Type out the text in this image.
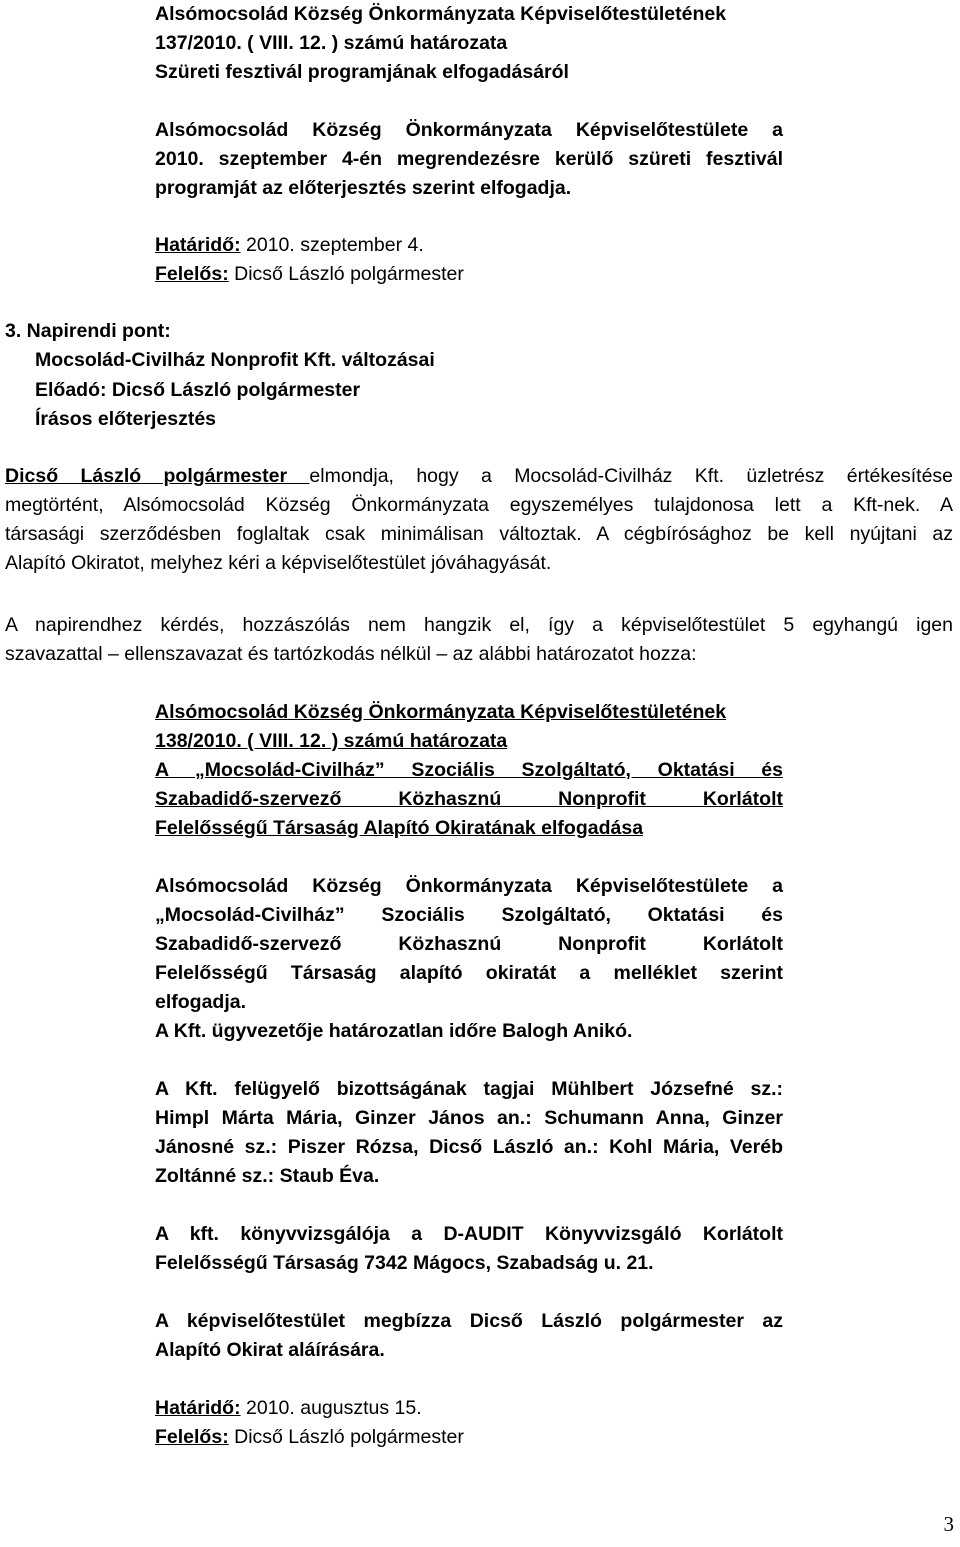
Alsómocsolád Község Önkormányzata Képviselőtestületének
137/2010. ( VIII. 12. ) számú határozata
Szüreti fesztivál programjának elfogadásáról
Alsómocsolád Község Önkormányzata Képviselőtestülete a
2010. szeptember 4-én megrendezésre kerülő szüreti fesztivál
programját az előterjesztés szerint elfogadja.
Határidő: 2010. szeptember 4.
Felelős: Dicső László polgármester
3. Napirendi pont:
Mocsolád-Civilház Nonprofit Kft. változásai
Előadó: Dicső László polgármester
Írásos előterjesztés
Dicső László polgármester elmondja, hogy a Mocsolád-Civilház Kft. üzletrész értékesítése
megtörtént, Alsómocsolád Község Önkormányzata egyszemélyes tulajdonosa lett a Kft-nek. A
társasági szerződésben foglaltak csak minimálisan változtak. A cégbírósághoz be kell nyújtani az
Alapító Okiratot, melyhez kéri a képviselőtestület jóváhagyását.
A napirendhez kérdés, hozzászólás nem hangzik el, így a képviselőtestület 5 egyhangú igen
szavazattal – ellenszavazat és tartózkodás nélkül – az alábbi határozatot hozza:
Alsómocsolád Község Önkormányzata Képviselőtestületének
138/2010. ( VIII. 12. ) számú határozata
A „Mocsolád-Civilház” Szociális Szolgáltató, Oktatási és
Szabadidő-szervező Közhasznú Nonprofit Korlátolt
Felelősségű Társaság Alapító Okiratának elfogadása
Alsómocsolád Község Önkormányzata Képviselőtestülete a
„Mocsolád-Civilház” Szociális Szolgáltató, Oktatási és
Szabadidő-szervező Közhasznú Nonprofit Korlátolt
Felelősségű Társaság alapító okiratát a melléklet szerint
elfogadja.
A Kft. ügyvezetője határozatlan időre Balogh Anikó.
A Kft. felügyelő bizottságának tagjai Mühlbert Józsefné sz.:
Himpl Márta Mária, Ginzer János an.: Schumann Anna, Ginzer
Jánosné sz.: Piszer Rózsa, Dicső László an.: Kohl Mária, Veréb
Zoltánné sz.: Staub Éva.
A kft. könyvvizsgálója a D-AUDIT Könyvvizsgáló Korlátolt
Felelősségű Társaság 7342 Mágocs, Szabadság u. 21.
A képviselőtestület megbízza Dicső László polgármester az
Alapító Okirat aláírására.
Határidő: 2010. augusztus 15.
Felelős: Dicső László polgármester
3
